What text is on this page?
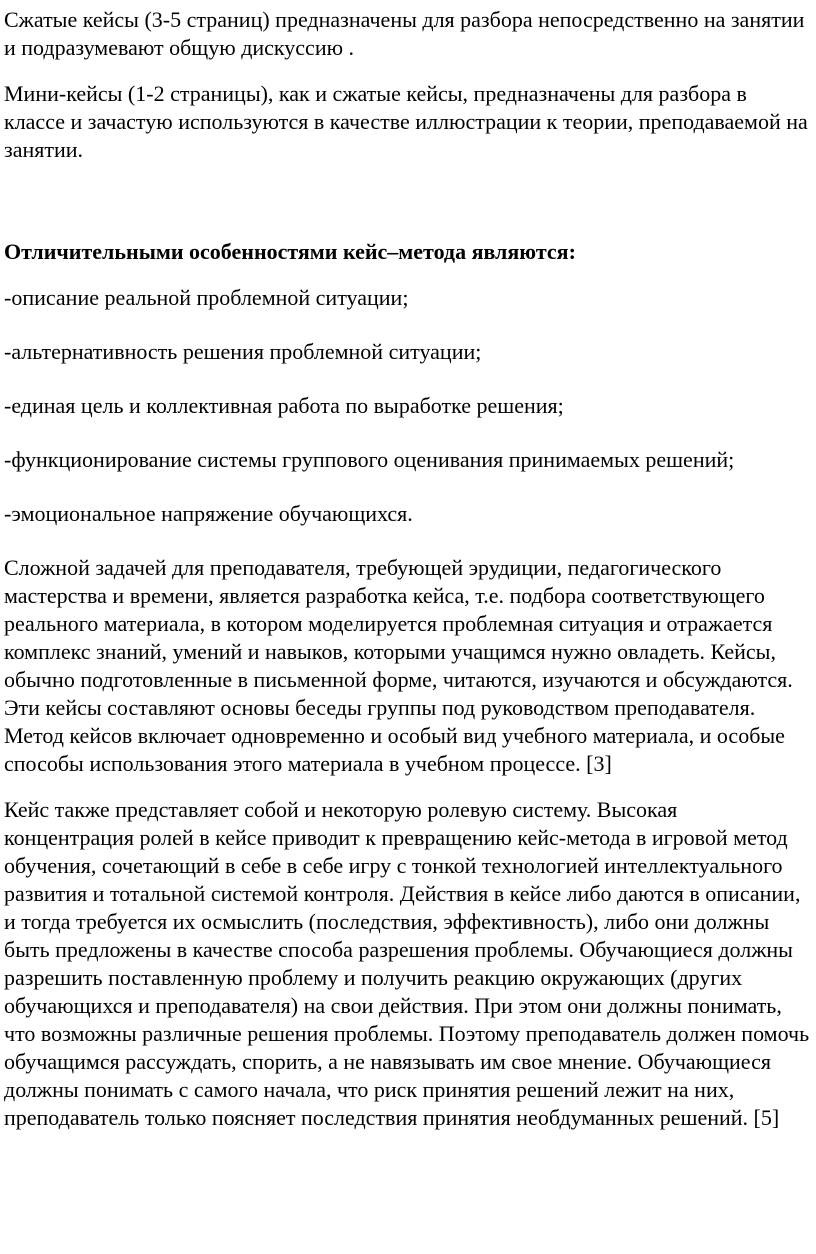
Сжатые кейсы (3-5 страниц) предназначены для разбора непосредственно на занятии и подразумевают общую дискуссию .

Мини-кейсы (1-2 страницы), как и сжатые кейсы, предназначены для разбора в классе и зачастую используются в качестве иллюстрации к теории, преподаваемой на занятии.

Отличительными особенностями кейс–метода являются:

-описание реальной проблемной ситуации;

-альтернативность решения проблемной ситуации;

-единая цель и коллективная работа по выработке решения;

-функционирование системы группового оценивания принимаемых решений;

-эмоциональное напряжение обучающихся.

Сложной задачей для преподавателя, требующей эрудиции, педагогического мастерства и времени, является разработка кейса, т.е. подбора соответствующего реального материала, в котором моделируется проблемная ситуация и отражается комплекс знаний, умений и навыков, которыми учащимся нужно овладеть. Кейсы, обычно подготовленные в письменной форме, читаются, изучаются и обсуждаются. Эти кейсы составляют основы беседы группы под руководством преподавателя. Метод кейсов включает одновременно и особый вид учебного материала, и особые способы использования этого материала в учебном процессе. [3]

Кейс также представляет собой и некоторую ролевую систему. Высокая концентрация ролей в кейсе приводит к превращению кейс-метода в игровой метод обучения, сочетающий в себе в себе игру с тонкой технологией интеллектуального развития и тотальной системой контроля. Действия в кейсе либо даются в описании, и тогда требуется их осмыслить (последствия, эффективность), либо они должны быть предложены в качестве способа разрешения проблемы. Обучающиеся должны разрешить поставленную проблему и получить реакцию окружающих (других обучающихся и преподавателя) на свои действия. При этом они должны понимать, что возможны различные решения проблемы. Поэтому преподаватель должен помочь обучащимся рассуждать, спорить, а не навязывать им свое мнение. Обучающиеся должны понимать с самого начала, что риск принятия решений лежит на них, преподаватель только поясняет последствия принятия необдуманных решений. [5]
